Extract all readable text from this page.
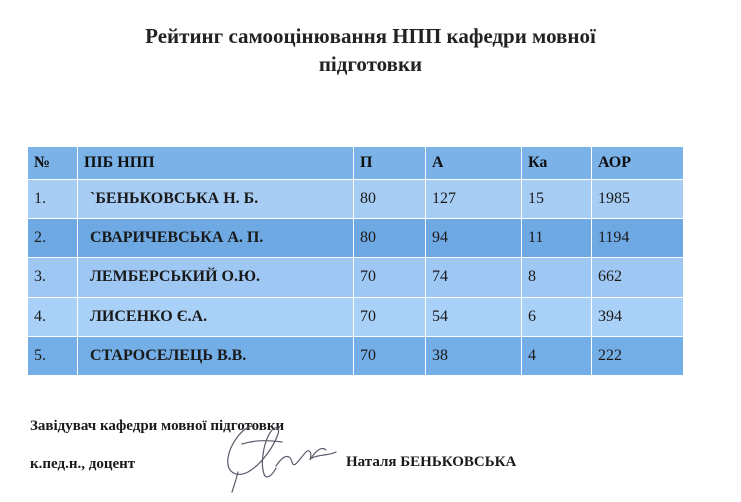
Рейтинг самооцінювання НПП кафедри мовної
підготовки
№	ПІБ НПП	П	А	Ка	АОР
1.	`БЕНЬКОВСЬКА Н. Б.	80	127	15	1985
2.	СВАРИЧЕВСЬКА А. П.	80	94	11	1194
3.	ЛЕМБЕРСЬКИЙ О.Ю.	70	74	8	662
4.	ЛИСЕНКО Є.А.	70	54	6	394
5.	СТАРОСЕЛЕЦЬ В.В.	70	38	4	222
Завідувач кафедри мовної підготовки
к.пед.н., доцент	Наталя БЕНЬКОВСЬКА
